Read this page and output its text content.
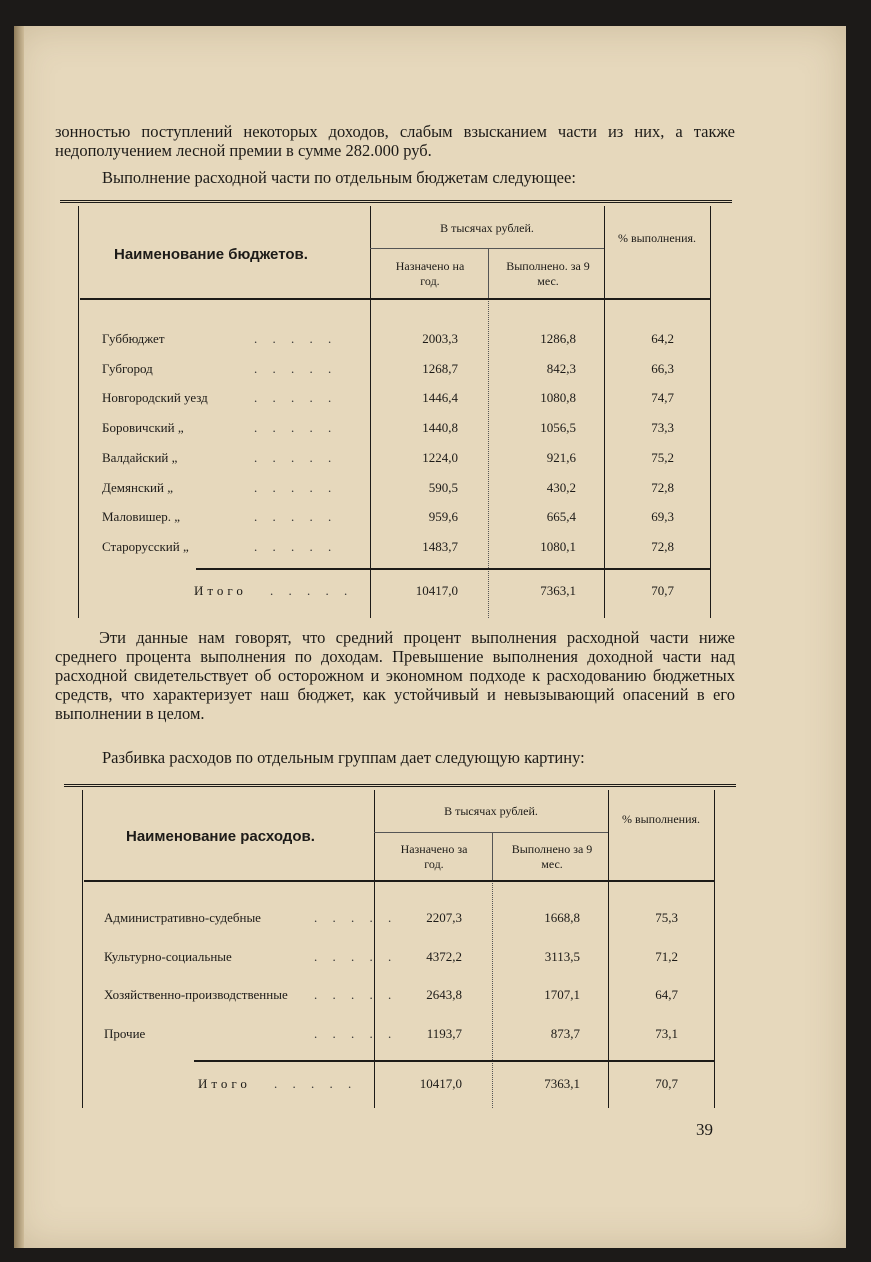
зонностью поступлений некоторых доходов, слабым взысканием части из них, а также недополучением лесной премии в сумме 282.000 руб.
Выполнение расходной части по отдельным бюджетам следующее:
Наименование бюджетов.
В тысячах рублей.
Назначено на год.
Выполнено. за 9 мес.
% выполнения.
Губбюджет	. . . . .	2003,3	1286,8	64,2
Губгород	. . . . .	1268,7	842,3	66,3
Новгородский уезд	. . . . .	1446,4	1080,8	74,7
Боровичский „	. . . . .	1440,8	1056,5	73,3
Валдайский „	. . . . .	1224,0	921,6	75,2
Демянский „	. . . . .	590,5	430,2	72,8
Маловишер. „	. . . . .	959,6	665,4	69,3
Старорусский „	. . . . .	1483,7	1080,1	72,8
Итого . . . . .	10417,0	7363,1	70,7
Эти данные нам говорят, что средний процент выполнения расходной части ниже среднего процента выполнения по доходам. Превышение выполнения доходной части над расходной свидетельствует об осторожном и экономном подходе к расходованию бюджетных средств, что характеризует наш бюджет, как устойчивый и невызывающий опасений в его выполнении в целом.
Разбивка расходов по отдельным группам дает следующую картину:
Наименование расходов.
В тысячах рублей.
Назначено за год.
Выполнено за 9 мес.
% выполнения.
Административно-судебные	. . . . .	2207,3	1668,8	75,3
Культурно-социальные	. . . . .	4372,2	3113,5	71,2
Хозяйственно-производственные	. . . . .	2643,8	1707,1	64,7
Прочие	. . . . .	1193,7	873,7	73,1
Итого . . . . .	10417,0	7363,1	70,7
39
